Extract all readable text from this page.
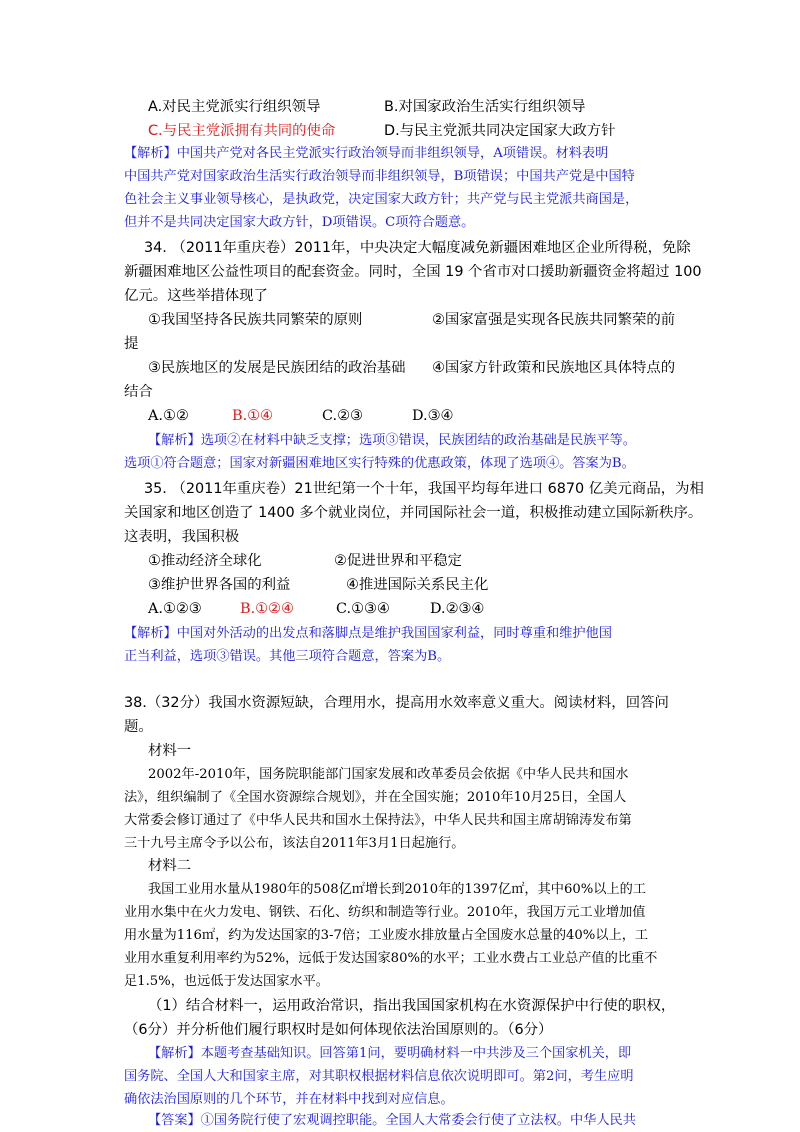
A.对民主党派实行组织领导	B.对国家政治生活实行组织领导
C.与民主党派拥有共同的使命	D.与民主党派共同决定国家大政方针
【解析】中国共产党对各民主党派实行政治领导而非组织领导，A项错误。材料表明
中国共产党对国家政治生活实行政治领导而非组织领导，B项错误；中国共产党是中国特
色社会主义事业领导核心，是执政党，决定国家大政方针；共产党与民主党派共商国是，
但并不是共同决定国家大政方针，D项错误。C项符合题意。
34. （2011年重庆卷）2011年，中央决定大幅度减免新疆困难地区企业所得税，免除
新疆困难地区公益性项目的配套资金。同时，全国 19 个省市对口援助新疆资金将超过 100
亿元。这些举措体现了
①我国坚持各民族共同繁荣的原则	②国家富强是实现各民族共同繁荣的前
提
③民族地区的发展是民族团结的政治基础 ④国家方针政策和民族地区具体特点的
结合
A.①②	B.①④	C.②③	D.③④
【解析】选项②在材料中缺乏支撑；选项③错误，民族团结的政治基础是民族平等。
选项①符合题意；国家对新疆困难地区实行特殊的优惠政策，体现了选项④。答案为B。
35. （2011年重庆卷）21世纪第一个十年，我国平均每年进口 6870 亿美元商品，为相
关国家和地区创造了 1400 多个就业岗位，并同国际社会一道，积极推动建立国际新秩序。
这表明，我国积极
①推动经济全球化	②促进世界和平稳定
③维护世界各国的利益	④推进国际关系民主化
A.①②③	B.①②④	C.①③④	D.②③④
【解析】中国对外活动的出发点和落脚点是维护我国国家利益，同时尊重和维护他国
正当利益，选项③错误。其他三项符合题意，答案为B。
38.（32分）我国水资源短缺，合理用水，提高用水效率意义重大。阅读材料，回答问
题。
材料一
2002年-2010年，国务院职能部门国家发展和改革委员会依据《中华人民共和国水
法》，组织编制了《全国水资源综合规划》，并在全国实施；2010年10月25日，全国人
大常委会修订通过了《中华人民共和国水土保持法》，中华人民共和国主席胡锦涛发布第
三十九号主席令予以公布，该法自2011年3月1日起施行。
材料二
我国工业用水量从1980年的508亿㎡增长到2010年的1397亿㎡，其中60%以上的工
业用水集中在火力发电、钢铁、石化、纺织和制造等行业。2010年，我国万元工业增加值
用水量为116㎡，约为发达国家的3-7倍；工业废水排放量占全国废水总量的40%以上，工
业用水重复利用率约为52%，远低于发达国家80%的水平；工业水费占工业总产值的比重不
足1.5%，也远低于发达国家水平。
（1）结合材料一，运用政治常识，指出我国国家机构在水资源保护中行使的职权，
（6分）并分析他们履行职权时是如何体现依法治国原则的。（6分）
【解析】本题考查基础知识。回答第1问，要明确材料一中共涉及三个国家机关，即
国务院、全国人大和国家主席，对其职权根据材料信息依次说明即可。第2问，考生应明
确依法治国原则的几个环节，并在材料中找到对应信息。
【答案】①国务院行使了宏观调控职能。全国人大常委会行使了立法权。中华人民共
